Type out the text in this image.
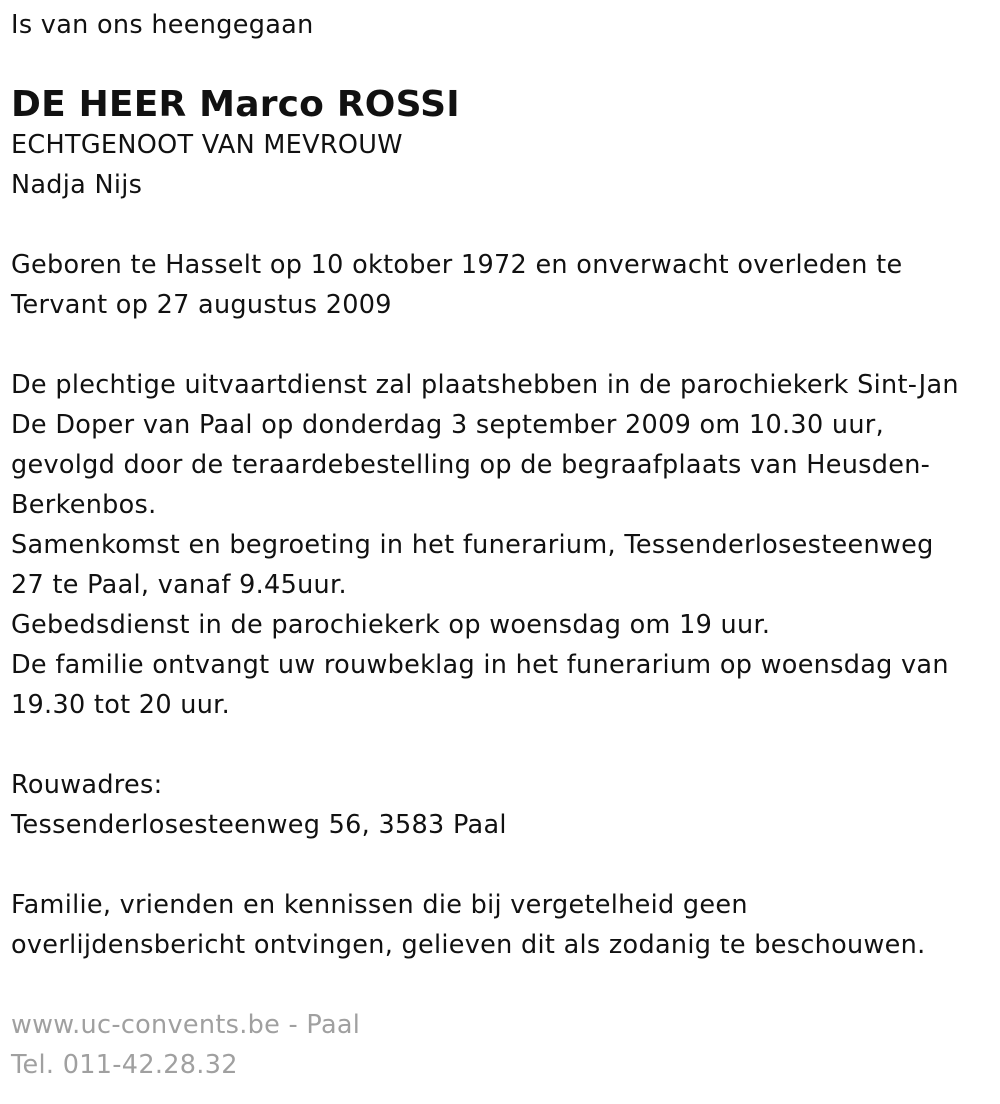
Is van ons heengegaan
DE HEER Marco ROSSI
ECHTGENOOT VAN MEVROUW
Nadja Nijs
Geboren te Hasselt op 10 oktober 1972 en onverwacht overleden te
Tervant op 27 augustus 2009
De plechtige uitvaartdienst zal plaatshebben in de parochiekerk Sint-Jan
De Doper van Paal op donderdag 3 september 2009 om 10.30 uur,
gevolgd door de teraardebestelling op de begraafplaats van Heusden-
Berkenbos.
Samenkomst en begroeting in het funerarium, Tessenderlosesteenweg
27 te Paal, vanaf 9.45uur.
Gebedsdienst in de parochiekerk op woensdag om 19 uur.
De familie ontvangt uw rouwbeklag in het funerarium op woensdag van
19.30 tot 20 uur.
Rouwadres:
Tessenderlosesteenweg 56, 3583 Paal
Familie, vrienden en kennissen die bij vergetelheid geen
overlijdensbericht ontvingen, gelieven dit als zodanig te beschouwen.
www.uc-convents.be - Paal
Tel. 011-42.28.32
